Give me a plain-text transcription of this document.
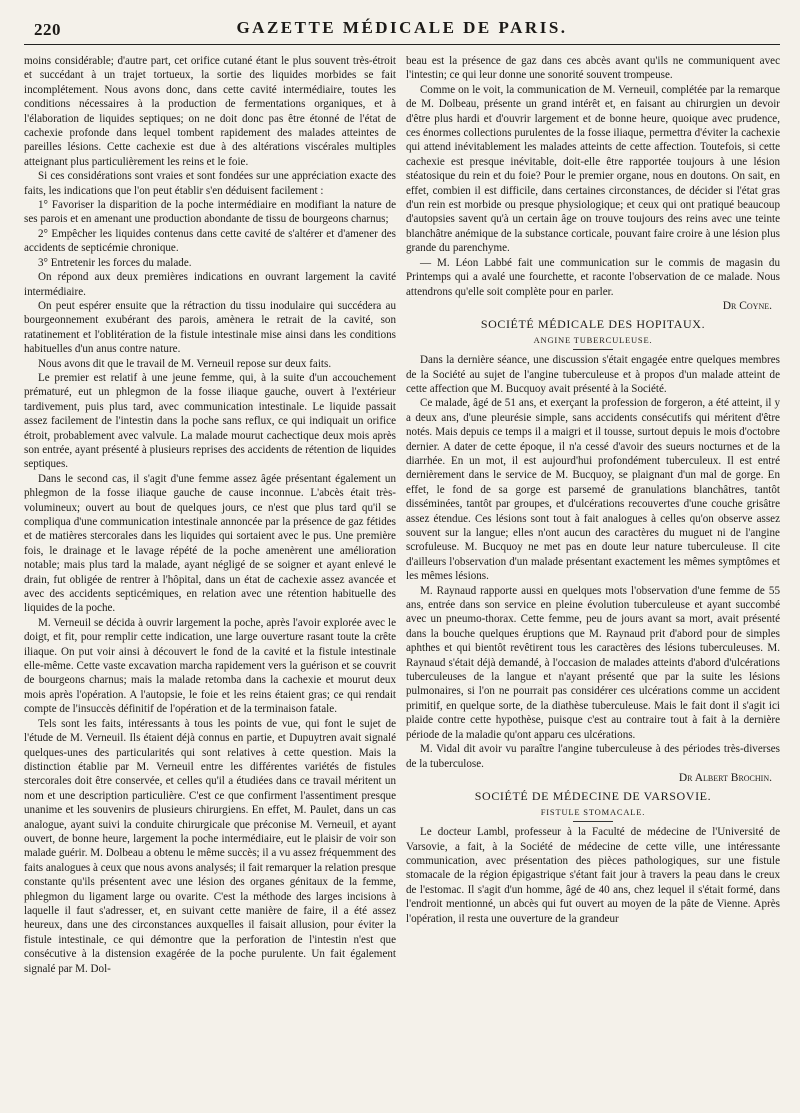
220	GAZETTE MÉDICALE DE PARIS.

moins considérable; d'autre part, cet orifice cutané étant le plus souvent très-étroit et succédant à un trajet tortueux, la sortie des liquides morbides se fait incomplétement. Nous avons donc, dans cette cavité intermédiaire, toutes les conditions nécessaires à la production de fermentations organiques, et à l'élaboration de liquides septiques; on ne doit donc pas être étonné de l'état de cachexie profonde dans lequel tombent rapidement des malades atteintes de pareilles lésions. Cette cachexie est due à des altérations viscérales multiples atteignant plus particulièrement les reins et le foie.

Si ces considérations sont vraies et sont fondées sur une appréciation exacte des faits, les indications que l'on peut établir s'en déduisent facilement :

1° Favoriser la disparition de la poche intermédiaire en modifiant la nature de ses parois et en amenant une production abondante de tissu de bourgeons charnus;

2° Empêcher les liquides contenus dans cette cavité de s'altérer et d'amener des accidents de septicémie chronique.

3° Entretenir les forces du malade.

On répond aux deux premières indications en ouvrant largement la cavité intermédiaire.

On peut espérer ensuite que la rétraction du tissu inodulaire qui succédera au bourgeonnement exubérant des parois, amènera le retrait de la cavité, son ratatinement et l'oblitération de la fistule intestinale mise ainsi dans les conditions habituelles d'un anus contre nature.

Nous avons dit que le travail de M. Verneuil repose sur deux faits.

Le premier est relatif à une jeune femme, qui, à la suite d'un accouchement prématuré, eut un phlegmon de la fosse iliaque gauche, ouvert à l'extérieur tardivement, puis plus tard, avec communication intestinale. Le liquide passait assez facilement de l'intestin dans la poche sans reflux, ce qui indiquait un orifice étroit, probablement avec valvule. La malade mourut cachectique deux mois après son entrée, ayant présenté à plusieurs reprises des accidents de rétention de liquides septiques.

Dans le second cas, il s'agit d'une femme assez âgée présentant également un phlegmon de la fosse iliaque gauche de cause inconnue. L'abcès était très-volumineux; ouvert au bout de quelques jours, ce n'est que plus tard qu'il se compliqua d'une communication intestinale annoncée par la présence de gaz fétides et de matières stercorales dans les liquides qui sortaient avec le pus. Une première fois, le drainage et le lavage répété de la poche amenèrent une amélioration notable; mais plus tard la malade, ayant négligé de se soigner et ayant enlevé le drain, fut obligée de rentrer à l'hôpital, dans un état de cachexie assez avancée et avec des accidents septicémiques, en relation avec une rétention habituelle des liquides de la poche.

M. Verneuil se décida à ouvrir largement la poche, après l'avoir explorée avec le doigt, et fit, pour remplir cette indication, une large ouverture rasant toute la crête iliaque. On put voir ainsi à découvert le fond de la cavité et la fistule intestinale elle-même. Cette vaste excavation marcha rapidement vers la guérison et se couvrit de bourgeons charnus; mais la malade retomba dans la cachexie et mourut deux mois après l'opération. A l'autopsie, le foie et les reins étaient gras; ce qui rendait compte de l'insuccès définitif de l'opération et de la terminaison fatale.

Tels sont les faits, intéressants à tous les points de vue, qui font le sujet de l'étude de M. Verneuil. Ils étaient déjà connus en partie, et Dupuytren avait signalé quelques-unes des particularités qui sont relatives à cette question. Mais la distinction établie par M. Verneuil entre les différentes variétés de fistules stercorales doit être conservée, et celles qu'il a étudiées dans ce travail méritent un nom et une description particulière. C'est ce que confirment l'assentiment presque unanime et les souvenirs de plusieurs chirurgiens. En effet, M. Paulet, dans un cas analogue, ayant suivi la conduite chirurgicale que préconise M. Verneuil, et ayant ouvert, de bonne heure, largement la poche intermédiaire, eut le plaisir de voir son malade guérir. M. Dolbeau a obtenu le même succès; il a vu assez fréquemment des faits analogues à ceux que nous avons analysés; il fait remarquer la relation presque constante qu'ils présentent avec une lésion des organes génitaux de la femme, phlegmon du ligament large ou ovarite. C'est la méthode des larges incisions à laquelle il faut s'adresser, et, en suivant cette manière de faire, il a été assez heureux, dans une des circonstances auxquelles il faisait allusion, pour éviter la fistule intestinale, ce qui démontre que la perforation de l'intestin n'est que consécutive à la distension exagérée de la poche purulente. Un fait également signalé par M. Dol-

beau est la présence de gaz dans ces abcès avant qu'ils ne communiquent avec l'intestin; ce qui leur donne une sonorité souvent trompeuse.

Comme on le voit, la communication de M. Verneuil, complétée par la remarque de M. Dolbeau, présente un grand intérêt et, en faisant au chirurgien un devoir d'être plus hardi et d'ouvrir largement et de bonne heure, quoique avec prudence, ces énormes collections purulentes de la fosse iliaque, permettra d'éviter la cachexie qui attend inévitablement les malades atteints de cette affection. Toutefois, si cette cachexie est presque inévitable, doit-elle être rapportée toujours à une lésion stéatosique du rein et du foie? Pour le premier organe, nous en doutons. On sait, en effet, combien il est difficile, dans certaines circonstances, de décider si l'état gras d'un rein est morbide ou presque physiologique; et ceux qui ont pratiqué beaucoup d'autopsies savent qu'à un certain âge on trouve toujours des reins avec une teinte blanchâtre anémique de la substance corticale, pouvant faire croire à une lésion plus grande du parenchyme.

— M. Léon Labbé fait une communication sur le commis de magasin du Printemps qui a avalé une fourchette, et raconte l'observation de ce malade. Nous attendrons qu'elle soit complète pour en parler.

Dr Coyne.
SOCIÉTÉ MÉDICALE DES HOPITAUX.
ANGINE TUBERCULEUSE.

Dans la dernière séance, une discussion s'était engagée entre quelques membres de la Société au sujet de l'angine tuberculeuse et à propos d'un malade atteint de cette affection que M. Bucquoy avait présenté à la Société.

Ce malade, âgé de 51 ans, et exerçant la profession de forgeron, a été atteint, il y a deux ans, d'une pleurésie simple, sans accidents consécutifs qui méritent d'être notés. Mais depuis ce temps il a maigri et il tousse, surtout depuis le mois d'octobre dernier. A dater de cette époque, il n'a cessé d'avoir des sueurs nocturnes et de la diarrhée. En un mot, il est aujourd'hui profondément tuberculeux. Il est entré dernièrement dans le service de M. Bucquoy, se plaignant d'un mal de gorge. En effet, le fond de sa gorge est parsemé de granulations blanchâtres, tantôt disséminées, tantôt par groupes, et d'ulcérations recouvertes d'une couche grisâtre assez étendue. Ces lésions sont tout à fait analogues à celles qu'on observe assez souvent sur la langue; elles n'ont aucun des caractères du muguet ni de l'angine scrofuleuse. M. Bucquoy ne met pas en doute leur nature tuberculeuse. Il cite d'ailleurs l'observation d'un malade présentant exactement les mêmes symptômes et les mêmes lésions.

M. Raynaud rapporte aussi en quelques mots l'observation d'une femme de 55 ans, entrée dans son service en pleine évolution tuberculeuse et ayant succombé avec un pneumo-thorax. Cette femme, peu de jours avant sa mort, avait présenté dans la bouche quelques éruptions que M. Raynaud prit d'abord pour de simples aphthes et qui bientôt revêtirent tous les caractères des lésions tuberculeuses. M. Raynaud s'était déjà demandé, à l'occasion de malades atteints d'abord d'ulcérations tuberculeuses de la langue et n'ayant présenté que par la suite les lésions pulmonaires, si l'on ne pourrait pas considérer ces ulcérations comme un accident primitif, en quelque sorte, de la diathèse tuberculeuse. Mais le fait dont il s'agit ici plaide contre cette hypothèse, puisque c'est au contraire tout à fait à la dernière période de la maladie qu'ont apparu ces ulcérations.

M. Vidal dit avoir vu paraître l'angine tuberculeuse à des périodes très-diverses de la tuberculose.

Dr Albert Brochin.
SOCIÉTÉ DE MÉDECINE DE VARSOVIE.
FISTULE STOMACALE.

Le docteur Lambl, professeur à la Faculté de médecine de l'Université de Varsovie, a fait, à la Société de médecine de cette ville, une intéressante communication, avec présentation des pièces pathologiques, sur une fistule stomacale de la région épigastrique s'étant fait jour à travers la peau dans le creux de l'estomac. Il s'agit d'un homme, âgé de 40 ans, chez lequel il s'était formé, dans l'endroit mentionné, un abcès qui fut ouvert au moyen de la pâte de Vienne. Après l'opération, il resta une ouverture de la grandeur
